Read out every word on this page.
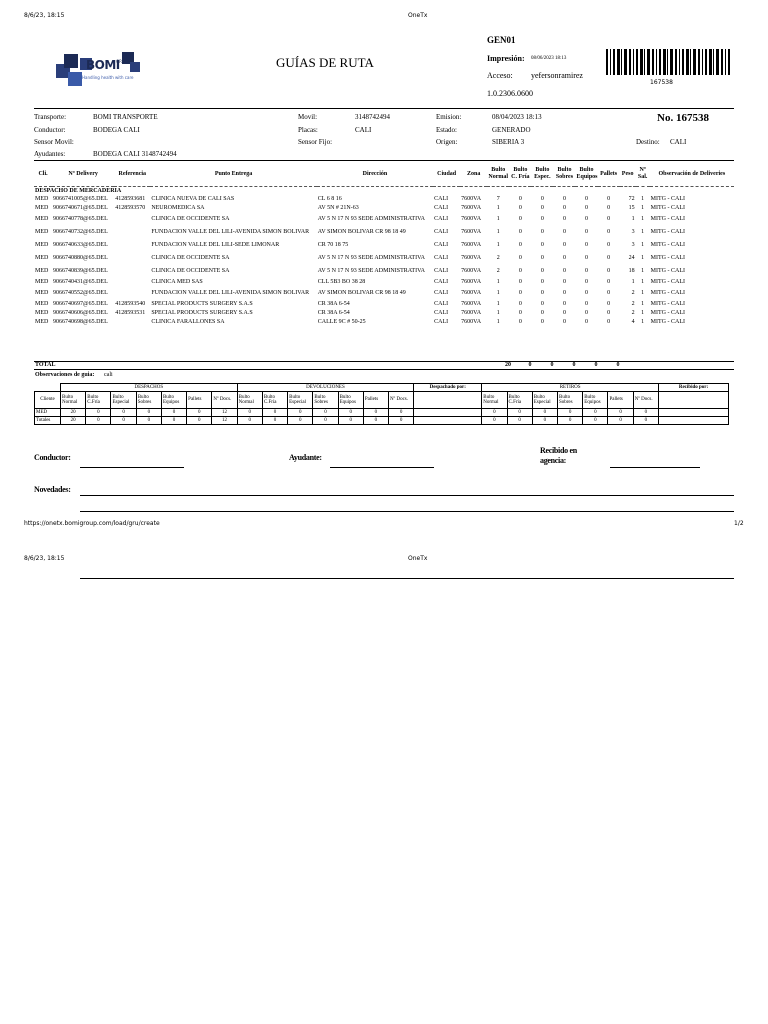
8/6/23, 18:15	OneTx
BOMI
GROUP
Handling health with care
GUÍAS DE RUTA
GEN01
Impresión: 08/06/2023 18:13
Acceso: yefersonramirez
1.0.2306.0600
167538
Transporte:	BOMI TRANSPORTE
Conductor:	BODEGA CALI
Sensor Movil:
Ayudantes:	BODEGA CALI 3148742494
Movil:	3148742494
Placas:	CALI
Sensor Fijo:
Emision:	08/04/2023 18:13
Estado:	GENERADO
Origen:	SIBERIA 3
No. 167538
Destino: CALI
Cli.	Nº Delivery	Referencia	Punto Entrega	Dirección	Ciudad	Zona	Bulto Normal	Bulto C. Fría	Bulto Espec.	Bulto Sobres	Bulto Equipos	Pallets	Peso	Nº Sal.	Observación de Deliveries
DESPACHO DE MERCADERIA															
MED	9066741005@65.DEL	4128593681	CLINICA NUEVA DE CALI SAS	CL 6 8 16	CALI	7600VA	7	0	0	0	0	0	72	1	MITG - CALI
MED	9066740671@65.DEL	4128593570	NEUROMEDICA SA	AV 5N # 21N-63	CALI	7600VA	1	0	0	0	0	0	15	1	MITG - CALI
MED	9066740778@65.DEL		CLINICA DE OCCIDENTE SA	AV 5 N 17 N 93 SEDE ADMINISTRATIVA	CALI	7600VA	1	0	0	0	0	0	1	1	MITG - CALI
MED	9066740732@65.DEL		FUNDACION VALLE DEL LILI-AVENIDA SIMON BOLIVAR	AV SIMON BOLIVAR CR 98 18 49	CALI	7600VA	1	0	0	0	0	0	3	1	MITG - CALI
MED	9066740633@65.DEL		FUNDACION VALLE DEL LILI-SEDE LIMONAR	CR 70 18 75	CALI	7600VA	1	0	0	0	0	0	3	1	MITG - CALI
MED	9066740880@65.DEL		CLINICA DE OCCIDENTE SA	AV 5 N 17 N 93 SEDE ADMINISTRATIVA	CALI	7600VA	2	0	0	0	0	0	24	1	MITG - CALI
MED	9066740839@65.DEL		CLINICA DE OCCIDENTE SA	AV 5 N 17 N 93 SEDE ADMINISTRATIVA	CALI	7600VA	2	0	0	0	0	0	18	1	MITG - CALI
MED	9066740431@65.DEL		CLINICA MED SAS	CLL 5B3 BO 38 28	CALI	7600VA	1	0	0	0	0	0	1	1	MITG - CALI
MED	9066740552@65.DEL		FUNDACION VALLE DEL LILI-AVENIDA SIMON BOLIVAR	AV SIMON BOLIVAR CR 98 18 49	CALI	7600VA	1	0	0	0	0	0	2	1	MITG - CALI
MED	9066740697@65.DEL	4128593540	SPECIAL PRODUCTS SURGERY S.A.S	CR 38A 6-54	CALI	7600VA	1	0	0	0	0	0	2	1	MITG - CALI
MED	9066740606@65.DEL	4128593531	SPECIAL PRODUCTS SURGERY S.A.S	CR 38A 6-54	CALI	7600VA	1	0	0	0	0	0	2	1	MITG - CALI
MED	9066740698@65.DEL		CLINICA FARALLONES SA	CALLE 9C # 50-25	CALI	7600VA	1	0	0	0	0	0	4	1	MITG - CALI
TOTAL	20	0	0	0	0	0
Observaciones de guia: cali
	DESPACHOS							DEVOLUCIONES							Despachado por:	RETIROS							Recibido por:
Cliente	Bulto Normal	Bulto C.Fría	Bulto Especial	Bulto Sobres	Bulto Equipos	Pallets	Nº Docs.	Bulto Normal	Bulto C.Fría	Bulto Especial	Bulto Sobres	Bulto Equipos	Pallets	Nº Docs.		Bulto Normal	Bulto C.Fría	Bulto Especial	Bulto Sobres	Bulto Equipos	Pallets	Nº Docs.	
MED	20	0	0	0	0	0	12	0	0	0	0	0	0	0		0	0	0	0	0	0	0	
Totales	20	0	0	0	0	0	12	0	0	0	0	0	0	0		0	0	0	0	0	0	0	
Conductor:	Ayudante:
Recibido en agencia:
Novedades:
https://onetx.bomigroup.com/load/gru/create	1/2
8/6/23, 18:15	OneTx
